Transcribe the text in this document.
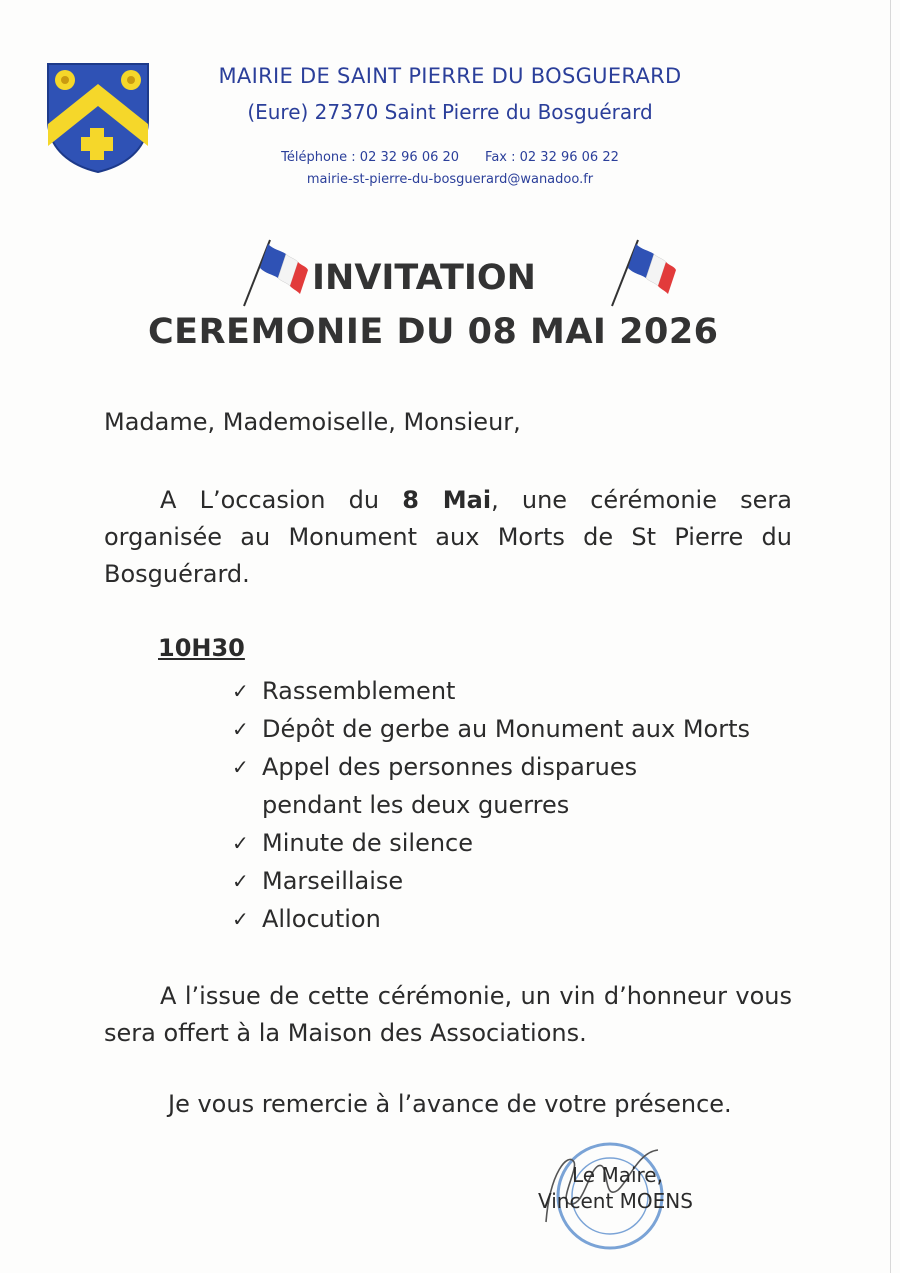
MAIRIE DE SAINT PIERRE DU BOSGUERARD
(Eure) 27370 Saint Pierre du Bosguérard
Téléphone : 02 32 96 06 20 Fax : 02 32 96 06 22
mairie-st-pierre-du-bosguerard@wanadoo.fr
INVITATION
CEREMONIE DU 08 MAI 2026
Madame, Mademoiselle, Monsieur,
A L’occasion du 8 Mai, une cérémonie sera organisée au Monument aux Morts de St Pierre du Bosguérard.
10H30
✓ Rassemblement
✓ Dépôt de gerbe au Monument aux Morts
✓ Appel des personnes disparues pendant les deux guerres
✓ Minute de silence
✓ Marseillaise
✓ Allocution
A l’issue de cette cérémonie, un vin d’honneur vous sera offert à la Maison des Associations.
Je vous remercie à l’avance de votre présence.
Le Maire,
Vincent MOENS
